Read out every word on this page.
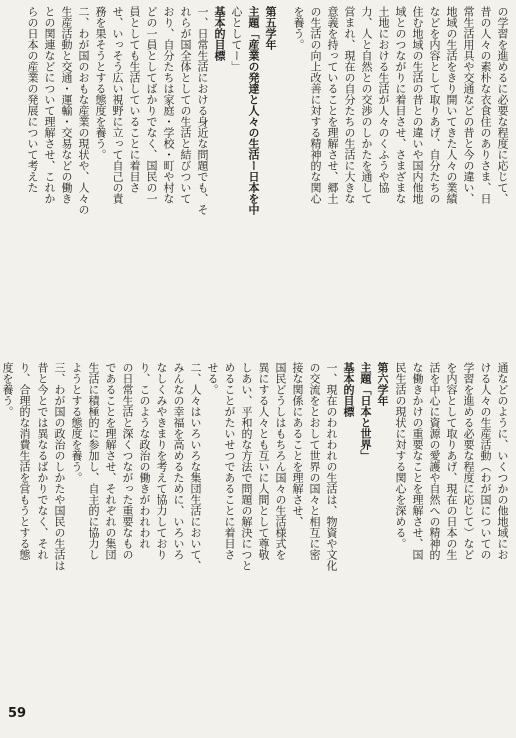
の学習を進めるに必要な程度に応じて、
昔の人々の素朴な衣食住のありさま、日
常生活用具や交通などの昔と今の違い、
地域の生活をきり開いてきた人々の業績
などを内容として取りあげ、自分たちの
住む地域の生活の昔との違いや国内他地
域とのつながりに着目させ、さまざまな
土地における生活が人々のくふうや協
力、人と自然との交渉のしかたを通して
営まれ、現在の自分たちの生活に大きな
意義を持っていることを理解させ、郷土
の生活の向上改善に対する精神的な関心
を養う。
第五学年
主題「産業の発達と人々の生活ー日本を中
心としてー」
基本的目標
一、日常生活における身近な問題でも、そ
れらが国全体としての生活と結びついて
おり、自分たちは家庭・学校・町や村な
どの一員としてばかりでなく、国民の一
員としても生活していることに着目さ
せ、いっそう広い視野に立って自己の責
務を果そうとする態度を養う。
二、わが国のおもな産業の現状や、人々の
生産活動と交通・運輸・交易などの働き
との関連などについて理解させ、これか
らの日本の産業の発展について考えた
通などのように、いくつかの他地域にお
ける人々の生産活動（わが国についての
学習を進める必要な程度に応じて）など
を内容として取りあげ、現在の日本の生
活を中心に資源の愛護や自然への精神的
な働きかけの重要なことを理解させ、国
民生活の現状に対する関心を深める。
第六学年
主題「日本と世界」
基本的目標
一、現在のわれわれの生活は、物資や文化
の交流をとおして世界の国々と相互に密
接な関係にあることを理解させ、
国民どうしはもちろん国々の生活様式を
異にする人々とも互いに人間として尊敬
しあい、平和的な方法で問題の解決につと
めることがたいせつであることに着目さ
せる。
二、人々はいろいろな集団生活において、
みんなの幸福を高めるために、いろいろ
なしくみやきまりを考えて協力しており
り、このような政治の働きがわれわれ
の日常生活と深くつながった重要なもの
であることを理解させ、それぞれの集団
生活に積極的に参加し、自主的に協力し
ようとする態度を養う。
三、わが国の政治のしかたや国民の生活は
昔と今とでは異なるばかりでなく、それ
り、合理的な消費生活を営もうとする態
度を養う。
59
